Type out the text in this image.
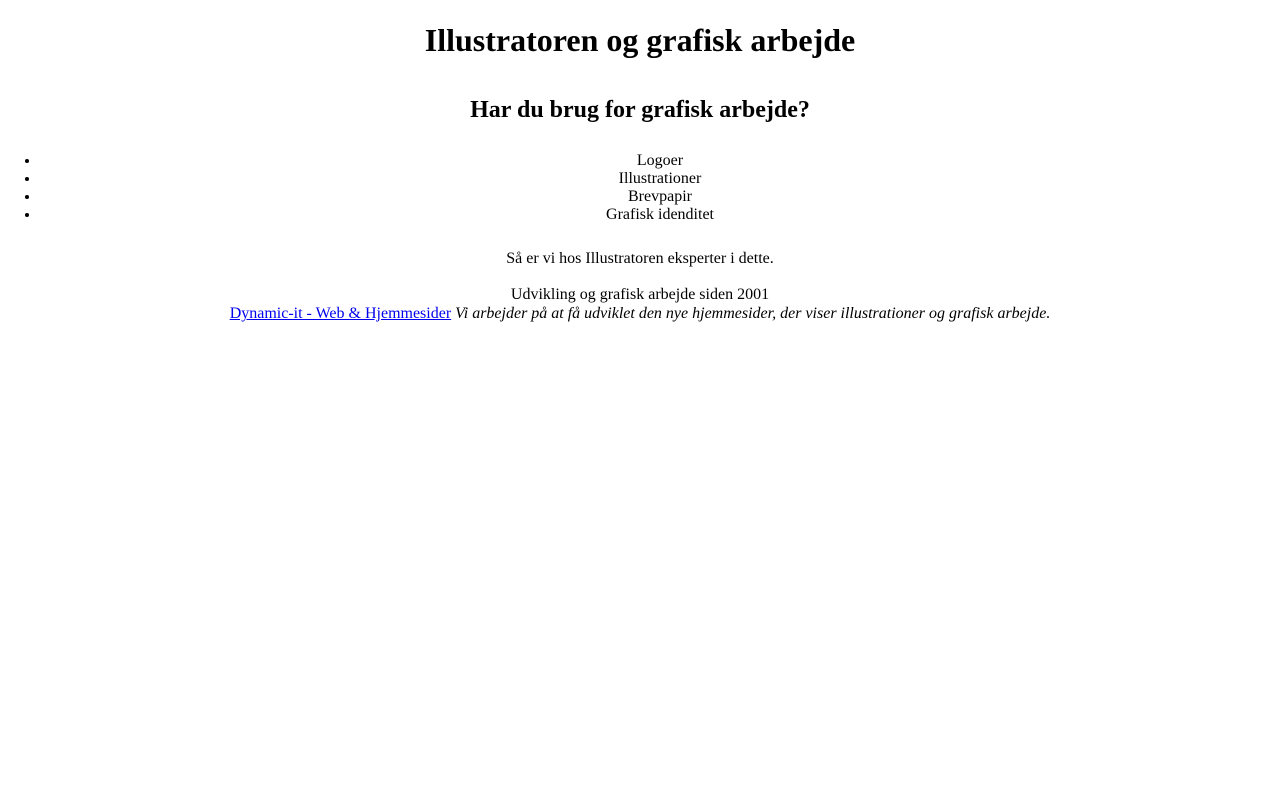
Illustratoren og grafisk arbejde
Har du brug for grafisk arbejde?
• Logoer
• Illustrationer
• Brevpapir
• Grafisk idenditet

Så er vi hos Illustratoren eksperter i dette.

Udvikling og grafisk arbejde siden 2001

Dynamic-it - Web & Hjemmesider Vi arbejder på at få udviklet den nye hjemmesider, der viser illustrationer og grafisk arbejde.
